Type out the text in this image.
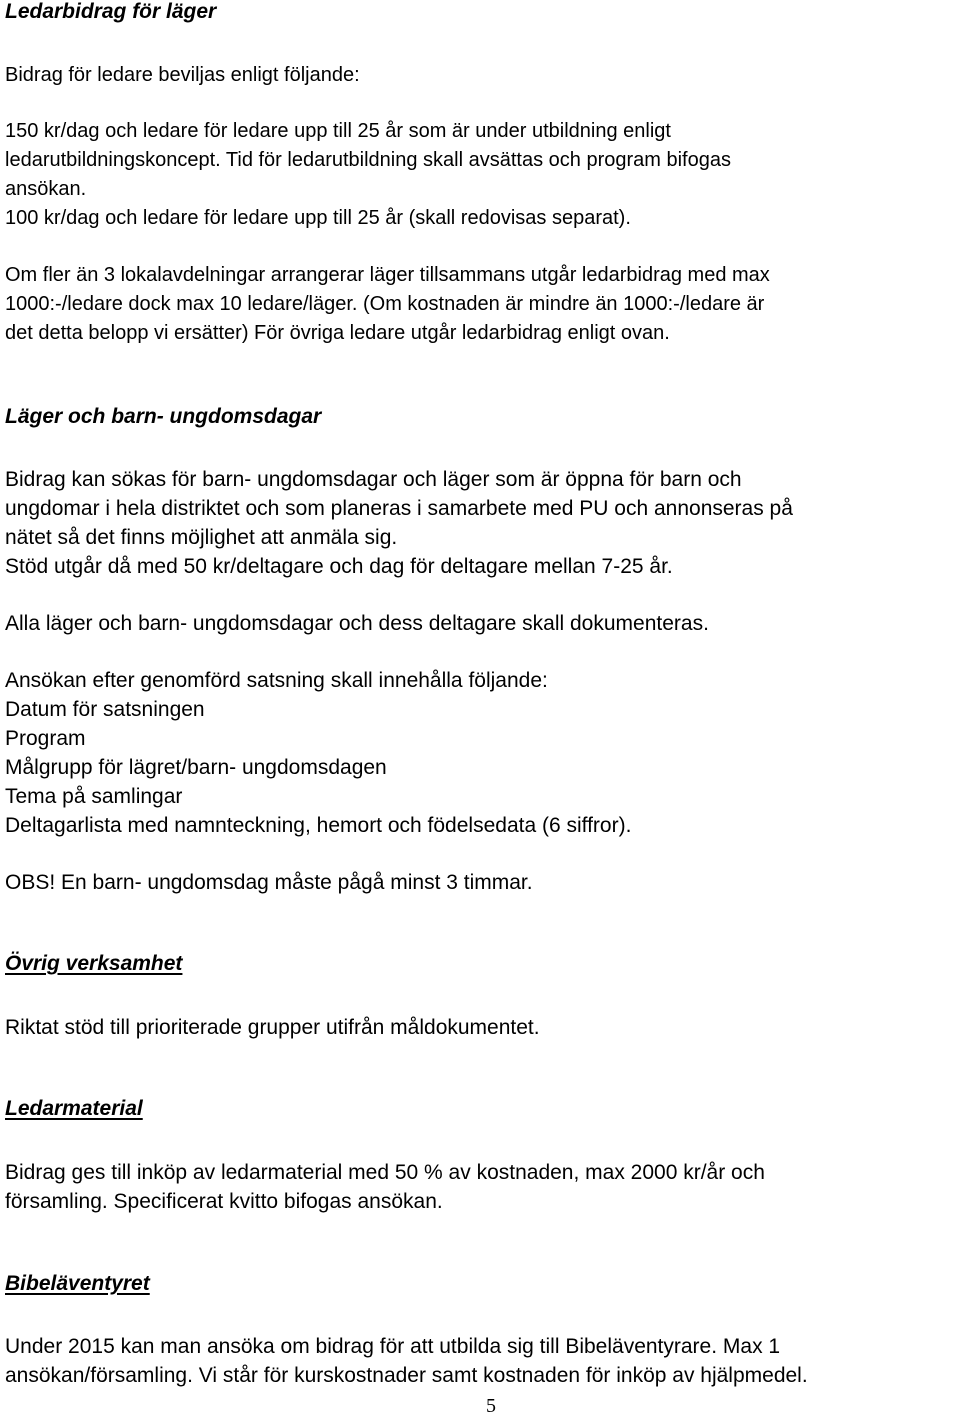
Ledarbidrag för läger
Bidrag för ledare beviljas enligt följande:
150 kr/dag och ledare för ledare upp till 25 år som är under utbildning enligt
ledarutbildningskoncept. Tid för ledarutbildning skall avsättas och program bifogas
ansökan.
100 kr/dag och ledare för ledare upp till 25 år (skall redovisas separat).
Om fler än 3 lokalavdelningar arrangerar läger tillsammans utgår ledarbidrag med max
1000:-/ledare dock max 10 ledare/läger. (Om kostnaden är mindre än 1000:-/ledare är
det detta belopp vi ersätter) För övriga ledare utgår ledarbidrag enligt ovan.
Läger och barn- ungdomsdagar
Bidrag kan sökas för barn- ungdomsdagar och läger som är öppna för barn och
ungdomar i hela distriktet och som planeras i samarbete med PU och annonseras på
nätet så det finns möjlighet att anmäla sig.
Stöd utgår då med 50 kr/deltagare och dag för deltagare mellan 7-25 år.
Alla läger och barn- ungdomsdagar och dess deltagare skall dokumenteras.
Ansökan efter genomförd satsning skall innehålla följande:
Datum för satsningen
Program
Målgrupp för lägret/barn- ungdomsdagen
Tema på samlingar
Deltagarlista med namnteckning, hemort och födelsedata (6 siffror).
OBS! En barn- ungdomsdag måste pågå minst 3 timmar.
Övrig verksamhet
Riktat stöd till prioriterade grupper utifrån måldokumentet.
Ledarmaterial
Bidrag ges till inköp av ledarmaterial med 50 % av kostnaden, max 2000 kr/år och
församling. Specificerat kvitto bifogas ansökan.
Bibeläventyret
Under 2015 kan man ansöka om bidrag för att utbilda sig till Bibeläventyrare. Max 1
ansökan/församling. Vi står för kurskostnader samt kostnaden för inköp av hjälpmedel.
5
